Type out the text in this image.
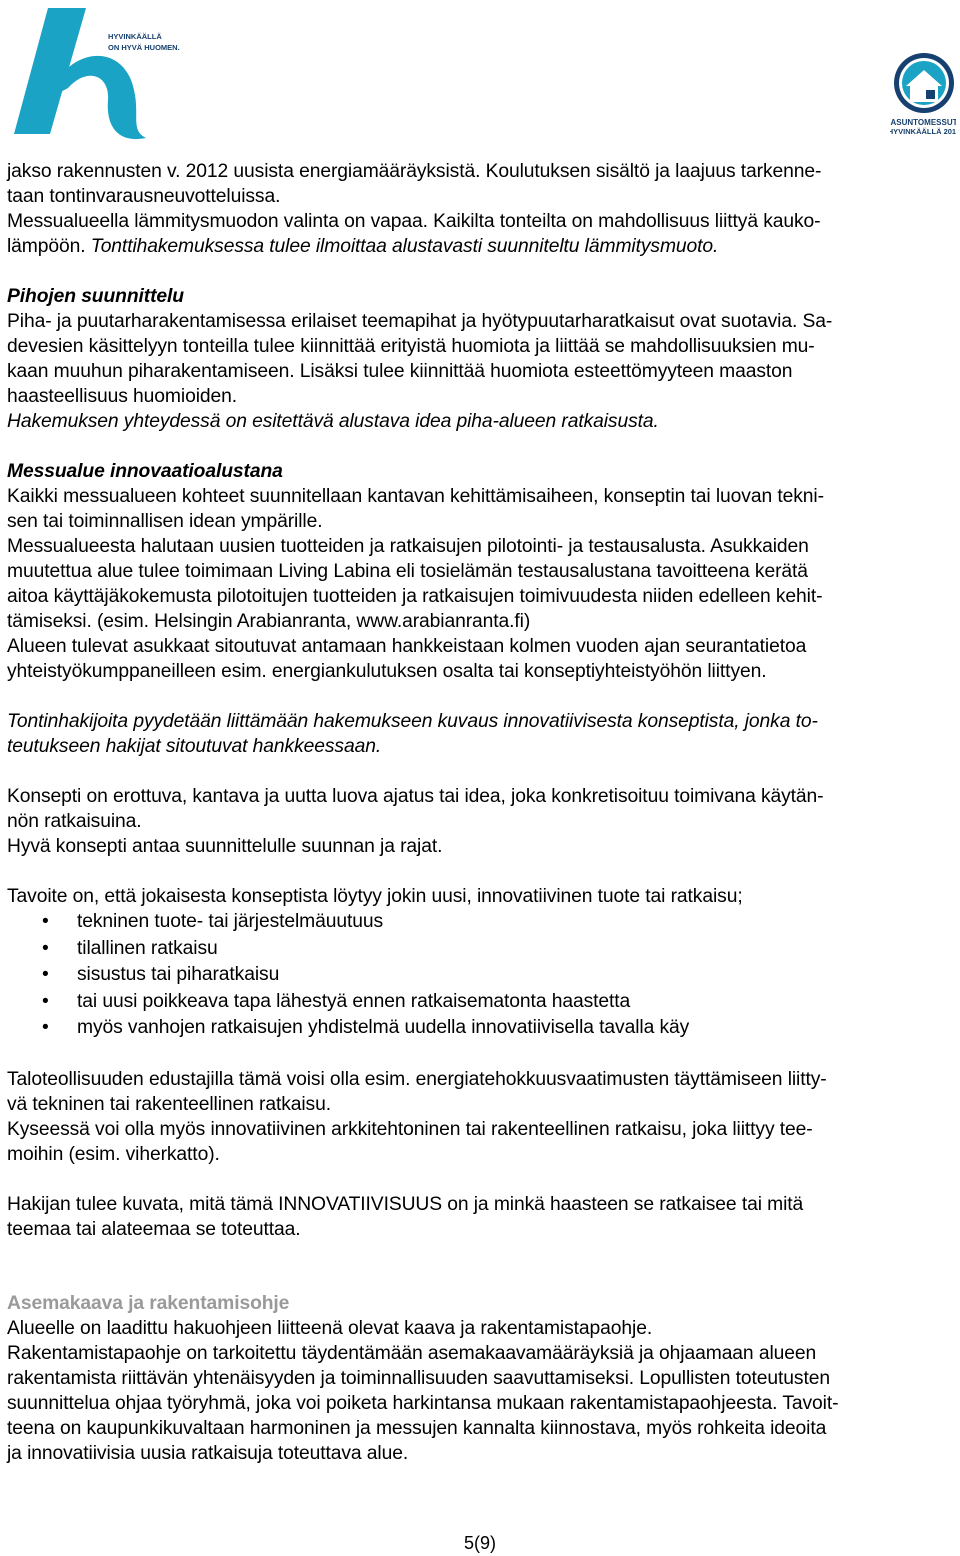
HYVINKÄÄLLÄ
ON HYVÄ HUOMEN.
ASUNTOMESSUT
HYVINKÄÄLLÄ 2013
jakso rakennusten v. 2012 uusista energiamääräyksistä. Koulutuksen sisältö ja laajuus tarkenne-
taan tontinvarausneuvotteluissa.
Messualueella lämmitysmuodon valinta on vapaa. Kaikilta tonteilta on mahdollisuus liittyä kauko-
lämpöön. Tonttihakemuksessa tulee ilmoittaa alustavasti suunniteltu lämmitysmuoto.
Pihojen suunnittelu
Piha- ja puutarharakentamisessa erilaiset teemapihat ja hyötypuutarharatkaisut ovat suotavia. Sa-
devesien käsittelyyn tonteilla tulee kiinnittää erityistä huomiota ja liittää se mahdollisuuksien mu-
kaan muuhun piharakentamiseen. Lisäksi tulee kiinnittää huomiota esteettömyyteen maaston
haasteellisuus huomioiden.
Hakemuksen yhteydessä on esitettävä alustava idea piha-alueen ratkaisusta.
Messualue innovaatioalustana
Kaikki messualueen kohteet suunnitellaan kantavan kehittämisaiheen, konseptin tai luovan tekni-
sen tai toiminnallisen idean ympärille.
Messualueesta halutaan uusien tuotteiden ja ratkaisujen pilotointi- ja testausalusta. Asukkaiden
muutettua alue tulee toimimaan Living Labina eli tosielämän testausalustana tavoitteena kerätä
aitoa käyttäjäkokemusta pilotoitujen tuotteiden ja ratkaisujen toimivuudesta niiden edelleen kehit-
tämiseksi. (esim. Helsingin Arabianranta, www.arabianranta.fi)
Alueen tulevat asukkaat sitoutuvat antamaan hankkeistaan kolmen vuoden ajan seurantatietoa
yhteistyökumppaneilleen esim. energiankulutuksen osalta tai konseptiyhteistyöhön liittyen.
Tontinhakijoita pyydetään liittämään hakemukseen kuvaus innovatiivisesta konseptista, jonka to-
teutukseen hakijat sitoutuvat hankkeessaan.
Konsepti on erottuva, kantava ja uutta luova ajatus tai idea, joka konkretisoituu toimivana käytän-
nön ratkaisuina.
Hyvä konsepti antaa suunnittelulle suunnan ja rajat.
Tavoite on, että jokaisesta konseptista löytyy jokin uusi, innovatiivinen tuote tai ratkaisu;
• tekninen tuote- tai järjestelmäuutuus
• tilallinen ratkaisu
• sisustus tai piharatkaisu
• tai uusi poikkeava tapa lähestyä ennen ratkaisematonta haastetta
• myös vanhojen ratkaisujen yhdistelmä uudella innovatiivisella tavalla käy
Taloteollisuuden edustajilla tämä voisi olla esim. energiatehokkuusvaatimusten täyttämiseen liitty-
vä tekninen tai rakenteellinen ratkaisu.
Kyseessä voi olla myös innovatiivinen arkkitehtoninen tai rakenteellinen ratkaisu, joka liittyy tee-
moihin (esim. viherkatto).
Hakijan tulee kuvata, mitä tämä INNOVATIIVISUUS on ja minkä haasteen se ratkaisee tai mitä
teemaa tai alateemaa se toteuttaa.
Asemakaava ja rakentamisohje
Alueelle on laadittu hakuohjeen liitteenä olevat kaava ja rakentamistapaohje.
Rakentamistapaohje on tarkoitettu täydentämään asemakaavamääräyksiä ja ohjaamaan alueen
rakentamista riittävän yhtenäisyyden ja toiminnallisuuden saavuttamiseksi. Lopullisten toteutusten
suunnittelua ohjaa työryhmä, joka voi poiketa harkintansa mukaan rakentamistapaohjeesta. Tavoit-
teena on kaupunkikuvaltaan harmoninen ja messujen kannalta kiinnostava, myös rohkeita ideoita
ja innovatiivisia uusia ratkaisuja toteuttava alue.
5(9)
